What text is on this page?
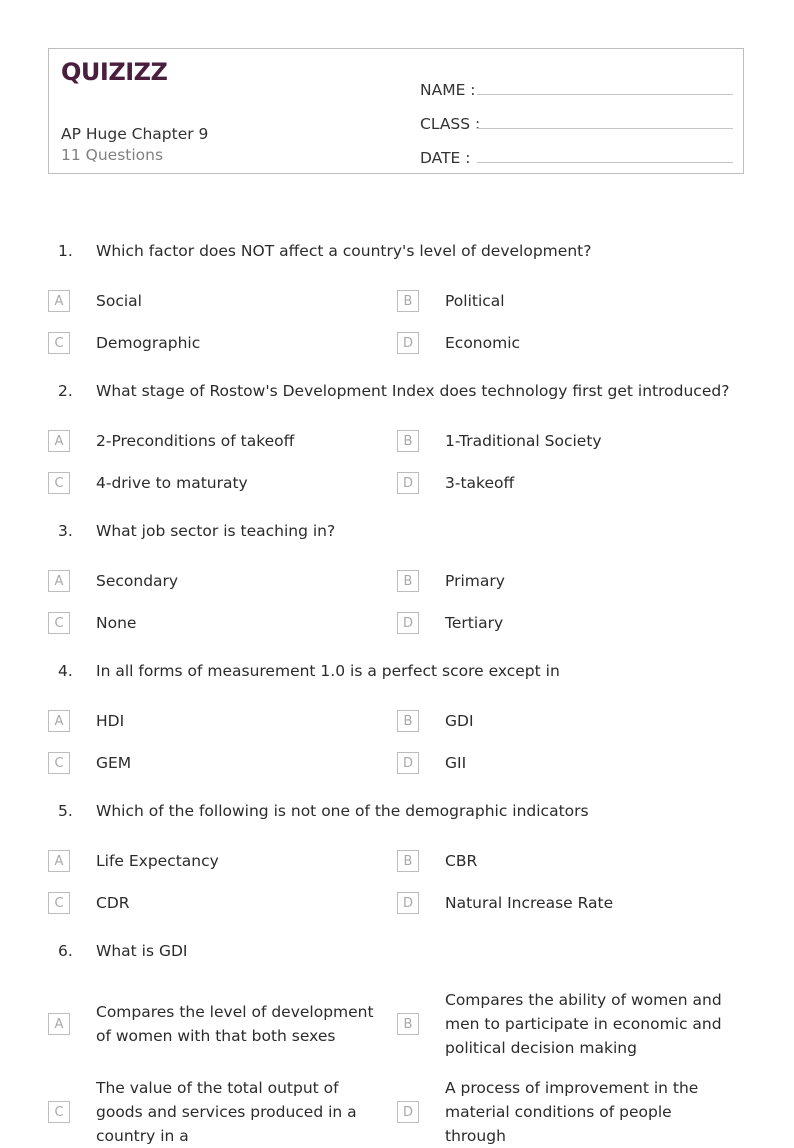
QUIZIZZ
AP Huge Chapter 9
11 Questions
NAME :
CLASS :
DATE :
1. Which factor does NOT affect a country's level of development?
A	Social	B	Political
C	Demographic	D	Economic
2. What stage of Rostow's Development Index does technology first get introduced?
A	2-Preconditions of takeoff	B	1-Traditional Society
C	4-drive to maturaty	D	3-takeoff
3. What job sector is teaching in?
A	Secondary	B	Primary
C	None	D	Tertiary
4. In all forms of measurement 1.0 is a perfect score except in
A	HDI	B	GDI
C	GEM	D	GII
5. Which of the following is not one of the demographic indicators
A	Life Expectancy	B	CBR
C	CDR	D	Natural Increase Rate
6. What is GDI
A
Compares the level of development of women with that both sexes
B
Compares the ability of women and men to participate in economic and political decision making
C
The value of the total output of goods and services produced in a country in a
D
A process of improvement in the material conditions of people through
